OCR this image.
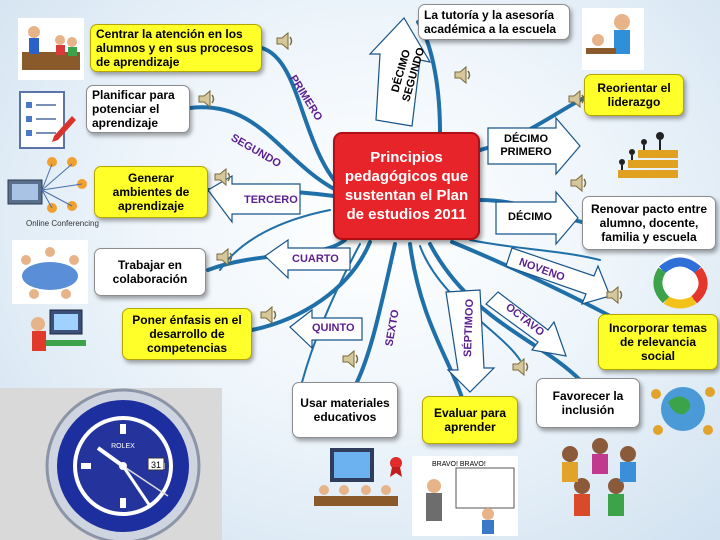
Principios pedagógicos que sustentan el Plan de estudios 2011
Centrar la atención en los alumnos y en sus procesos de aprendizaje
Planificar para potenciar el aprendizaje
Generar ambientes de aprendizaje
Trabajar en colaboración
Poner énfasis en el desarrollo de competencias
Usar materiales educativos	Evaluar para aprender
Favorecer la inclusión
Incorporar temas de relevancia social
Renovar pacto entre alumno, docente, familia y escuela
Reorientar el liderazgo
La tutoría y la asesoría académica a la escuela
PRIMERO
SEGUNDO
TERCERO
CUARTO
QUINTO	SEXTO	SÉPTIMOO OCTAVO
NOVENO
DÉCIMO
DÉCIMO PRIMERO
DÉCIMO SEGUNDO
Online Conferencing
31
ROLEX
BRAVO! BRAVO!
